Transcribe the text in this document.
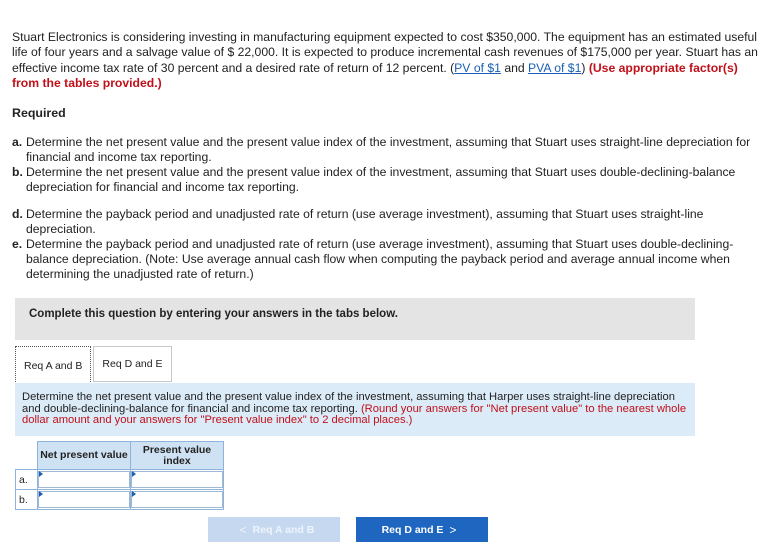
Stuart Electronics is considering investing in manufacturing equipment expected to cost $350,000. The equipment has an estimated useful life of four years and a salvage value of $ 22,000. It is expected to produce incremental cash revenues of $175,000 per year. Stuart has an effective income tax rate of 30 percent and a desired rate of return of 12 percent. (PV of $1 and PVA of $1) (Use appropriate factor(s) from the tables provided.)
Required

a. Determine the net present value and the present value index of the investment, assuming that Stuart uses straight-line depreciation for financial and income tax reporting.

b. Determine the net present value and the present value index of the investment, assuming that Stuart uses double-declining-balance depreciation for financial and income tax reporting.

d. Determine the payback period and unadjusted rate of return (use average investment), assuming that Stuart uses straight-line depreciation.

e. Determine the payback period and unadjusted rate of return (use average investment), assuming that Stuart uses double-declining-balance depreciation. (Note: Use average annual cash flow when computing the payback period and average annual income when determining the unadjusted rate of return.)

Complete this question by entering your answers in the tabs below.
Req A and B	Req D and E
Determine the net present value and the present value index of the investment, assuming that Harper uses straight-line depreciation and double-declining-balance for financial and income tax reporting. (Round your answers for "Net present value" to the nearest whole dollar amount and your answers for "Present value index" to 2 decimal places.)
	Net present value	Present value index
a.	

b.	

< Req A and B	Req D and E >
